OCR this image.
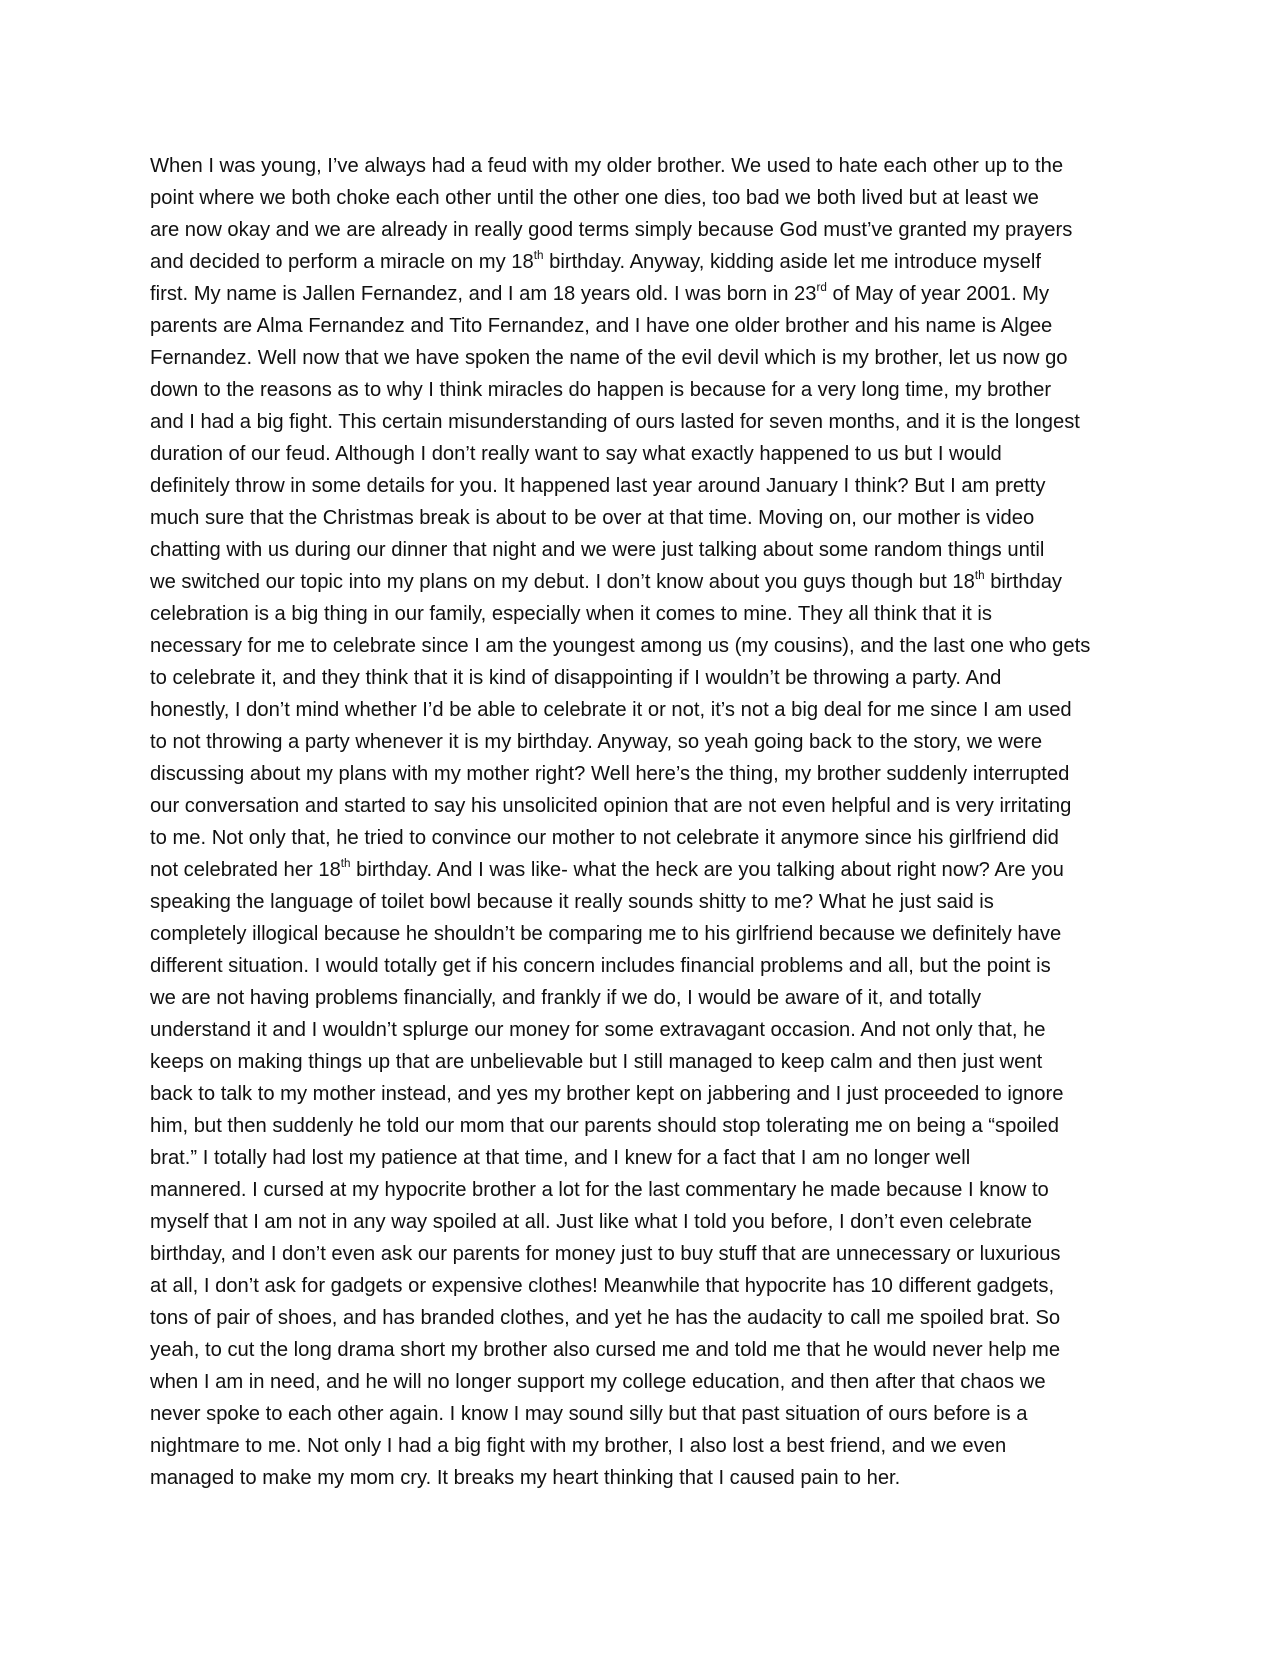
When I was young, I’ve always had a feud with my older brother. We used to hate each other up to the
point where we both choke each other until the other one dies, too bad we both lived but at least we
are now okay and we are already in really good terms simply because God must’ve granted my prayers
and decided to perform a miracle on my 18th birthday. Anyway, kidding aside let me introduce myself
first. My name is Jallen Fernandez, and I am 18 years old. I was born in 23rd of May of year 2001. My
parents are Alma Fernandez and Tito Fernandez, and I have one older brother and his name is Algee
Fernandez. Well now that we have spoken the name of the evil devil which is my brother, let us now go
down to the reasons as to why I think miracles do happen is because for a very long time, my brother
and I had a big fight. This certain misunderstanding of ours lasted for seven months, and it is the longest
duration of our feud. Although I don’t really want to say what exactly happened to us but I would
definitely throw in some details for you. It happened last year around January I think? But I am pretty
much sure that the Christmas break is about to be over at that time. Moving on, our mother is video
chatting with us during our dinner that night and we were just talking about some random things until
we switched our topic into my plans on my debut. I don’t know about you guys though but 18th birthday
celebration is a big thing in our family, especially when it comes to mine. They all think that it is
necessary for me to celebrate since I am the youngest among us (my cousins), and the last one who gets
to celebrate it, and they think that it is kind of disappointing if I wouldn’t be throwing a party. And
honestly, I don’t mind whether I’d be able to celebrate it or not, it’s not a big deal for me since I am used
to not throwing a party whenever it is my birthday. Anyway, so yeah going back to the story, we were
discussing about my plans with my mother right? Well here’s the thing, my brother suddenly interrupted
our conversation and started to say his unsolicited opinion that are not even helpful and is very irritating
to me. Not only that, he tried to convince our mother to not celebrate it anymore since his girlfriend did
not celebrated her 18th birthday. And I was like- what the heck are you talking about right now? Are you
speaking the language of toilet bowl because it really sounds shitty to me? What he just said is
completely illogical because he shouldn’t be comparing me to his girlfriend because we definitely have
different situation. I would totally get if his concern includes financial problems and all, but the point is
we are not having problems financially, and frankly if we do, I would be aware of it, and totally
understand it and I wouldn’t splurge our money for some extravagant occasion. And not only that, he
keeps on making things up that are unbelievable but I still managed to keep calm and then just went
back to talk to my mother instead, and yes my brother kept on jabbering and I just proceeded to ignore
him, but then suddenly he told our mom that our parents should stop tolerating me on being a “spoiled
brat.” I totally had lost my patience at that time, and I knew for a fact that I am no longer well
mannered. I cursed at my hypocrite brother a lot for the last commentary he made because I know to
myself that I am not in any way spoiled at all. Just like what I told you before, I don’t even celebrate
birthday, and I don’t even ask our parents for money just to buy stuff that are unnecessary or luxurious
at all, I don’t ask for gadgets or expensive clothes! Meanwhile that hypocrite has 10 different gadgets,
tons of pair of shoes, and has branded clothes, and yet he has the audacity to call me spoiled brat. So
yeah, to cut the long drama short my brother also cursed me and told me that he would never help me
when I am in need, and he will no longer support my college education, and then after that chaos we
never spoke to each other again. I know I may sound silly but that past situation of ours before is a
nightmare to me. Not only I had a big fight with my brother, I also lost a best friend, and we even
managed to make my mom cry. It breaks my heart thinking that I caused pain to her.
